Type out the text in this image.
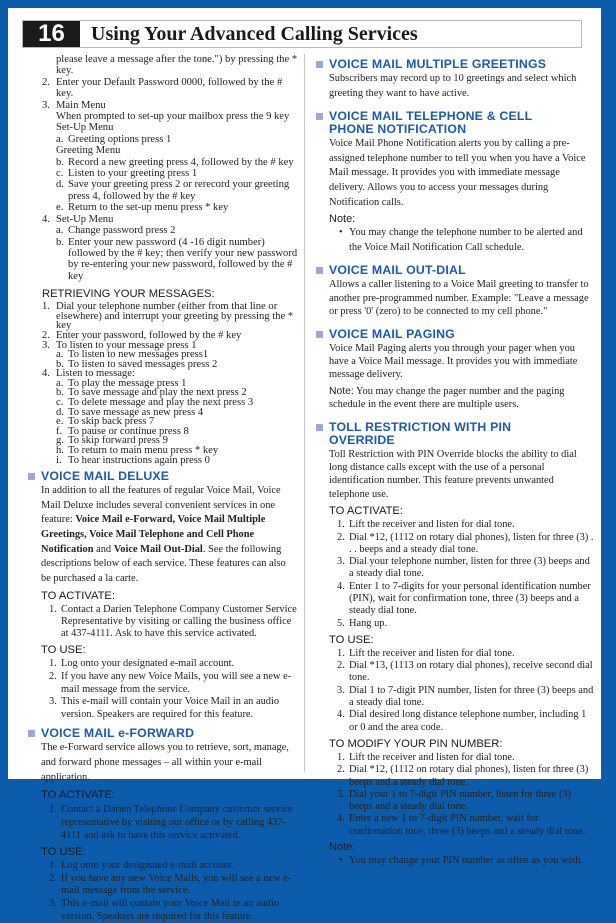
16	Using Your Advanced Calling Services
please leave a message after the tone.") by pressing the * key.
2. Enter your Default Password 0000, followed by the # key.
3. Main Menu
When prompted to set-up your mailbox press the 9 key
Set-Up Menu
a. Greeting options press 1
Greeting Menu
b. Record a new greeting press 4, followed by the # key
c. Listen to your greeting press 1
d. Save your greeting press 2 or rerecord your greeting press 4, followed by the # key
e. Return to the set-up menu press * key
4. Set-Up Menu
a. Change password press 2
b. Enter your new password (4 -16 digit number) followed by the # key; then verify your new password by re-entering your new password, followed by the # key
RETRIEVING YOUR MESSAGES:
1. Dial your telephone number (either from that line or elsewhere) and interrupt your greeting by pressing the * key
2. Enter your password, followed by the # key
3. To listen to your message press 1
a. To listen to new messages press1
b. To listen to saved messages press 2
4. Listen to message:
a. To play the message press 1
b. To save message and play the next press 2
c. To delete message and play the next press 3
d. To save message as new press 4
e. To skip back press 7
f. To pause or continue press 8
g. To skip forward press 9
h. To return to main menu press * key
i. To hear instructions again press 0
VOICE MAIL DELUXE

In addition to all the features of regular Voice Mail, Voice Mail Deluxe includes several convenient services in one feature: Voice Mail e-Forward, Voice Mail Multiple Greetings, Voice Mail Telephone and Cell Phone Notification and Voice Mail Out-Dial. See the following descriptions below of each service. These features can also be purchased a la carte.

TO ACTIVATE:
1. Contact a Darien Telephone Company Customer Service Representative by visiting or calling the business office at 437-4111. Ask to have this service activated.
TO USE:
1. Log onto your designated e-mail account.
2. If you have any new Voice Mails, you will see a new e-mail message from the service.
3. This e-mail will contain your Voice Mail in an audio version. Speakers are required for this feature.
VOICE MAIL e-FORWARD

The e-Forward service allows you to retrieve, sort, manage, and forward phone messages – all within your e-mail application.

TO ACTIVATE:
1. Contact a Darien Telephone Company customer service representative by visiting our office or by calling 437-4111 and ask to have this service activated.
TO USE:
1. Log onto your designated e-mail account.
2. If you have any new Voice Mails, you will see a new e-mail message from the service.
3. This e-mail will contain your Voice Mail in an audio version. Speakers are required for this feature.
VOICE MAIL MULTIPLE GREETINGS

Subscribers may record up to 10 greetings and select which greeting they want to have active.

VOICE MAIL TELEPHONE & CELL
PHONE NOTIFICATION

Voice Mail Phone Notification alerts you by calling a pre-assigned telephone number to tell you when you have a Voice Mail message. It provides you with immediate message delivery. Allows you to access your messages during Notification calls.

Note:
• You may change the telephone number to be alerted and the Voice Mail Notification Call schedule.
VOICE MAIL OUT-DIAL

Allows a caller listening to a Voice Mail greeting to transfer to another pre-programmed number. Example: "Leave a message or press '0' (zero) to be connected to my cell phone."

VOICE MAIL PAGING

Voice Mail Paging alerts you through your pager when you have a Voice Mail message. It provides you with immediate message delivery.

Note: You may change the pager number and the paging schedule in the event there are multiple users.

TOLL RESTRICTION WITH PIN
OVERRIDE

Toll Restriction with PIN Override blocks the ability to dial long distance calls except with the use of a personal identification number. This feature prevents unwanted telephone use.

TO ACTIVATE:
1. Lift the receiver and listen for dial tone.
2. Dial *12, (1112 on rotary dial phones), listen for three (3) . . . beeps and a steady dial tone.
3. Dial your telephone number, listen for three (3) beeps and a steady dial tone.
4. Enter 1 to 7-digits for your personal identification number (PIN), wait for confirmation tone, three (3) beeps and a steady dial tone.
5. Hang up.
TO USE:
1. Lift the receiver and listen for dial tone.
2. Dial *13, (1113 on rotary dial phones), receive second dial tone.
3. Dial 1 to 7-digit PIN number, listen for three (3) beeps and a steady dial tone.
4. Dial desired long distance telephone number, including 1 or 0 and the area code.
TO MODIFY YOUR PIN NUMBER:
1. Lift the receiver and listen for dial tone.
2. Dial *12, (1112 on rotary dial phones), listen for three (3) beeps and a steady dial tone.
3. Dial your 1 to 7-digit PIN number, listen for three (3) beeps and a steady dial tone.
4. Enter a new 1 to 7-digit PIN number, wait for confirmation tone, three (3) beeps and a steady dial tone.
Note:
• You may change your PIN number as often as you wish.
